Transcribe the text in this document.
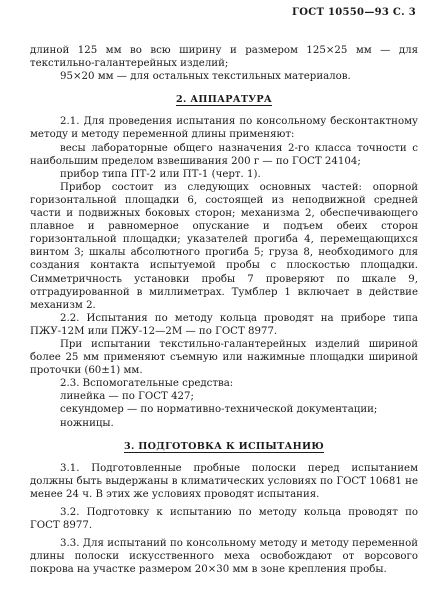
ГОСТ 10550—93 С. 3

длиной 125 мм во всю ширину и размером 125×25 мм — для текстильно-галантерейных изделий;

95×20 мм — для остальных текстильных материалов.

2. АППАРАТУРА

2.1. Для проведения испытания по консольному бесконтактному методу и методу переменной длины применяют:

весы лабораторные общего назначения 2-го класса точности с наибольшим пределом взвешивания 200 г — по ГОСТ 24104;

прибор типа ПТ-2 или ПТ-1 (черт. 1).

Прибор состоит из следующих основных частей: опорной горизонтальной площадки 6, состоящей из неподвижной средней части и подвижных боковых сторон; механизма 2, обеспечивающего плавное и равномерное опускание и подъем обеих сторон горизонтальной площадки; указателей прогиба 4, перемещающихся винтом 3; шкалы абсолютного прогиба 5; груза 8, необходимого для создания контакта испытуемой пробы с плоскостью площадки. Симметричность установки пробы 7 проверяют по шкале 9, отградуированной в миллиметрах. Тумблер 1 включает в действие механизм 2.

2.2. Испытания по методу кольца проводят на приборе типа ПЖУ-12М или ПЖУ-12—2М — по ГОСТ 8977.

При испытании текстильно-галантерейных изделий шириной более 25 мм применяют съемную или нажимные площадки шириной проточки (60±1) мм.

2.3. Вспомогательные средства:

линейка — по ГОСТ 427;

секундомер — по нормативно-технической документации;

ножницы.

3. ПОДГОТОВКА К ИСПЫТАНИЮ

3.1. Подготовленные пробные полоски перед испытанием должны быть выдержаны в климатических условиях по ГОСТ 10681 не менее 24 ч. В этих же условиях проводят испытания.

3.2. Подготовку к испытанию по методу кольца проводят по ГОСТ 8977.

3.3. Для испытаний по консольному методу и методу переменной длины полоски искусственного меха освобождают от ворсового покрова на участке размером 20×30 мм в зоне крепления пробы.
